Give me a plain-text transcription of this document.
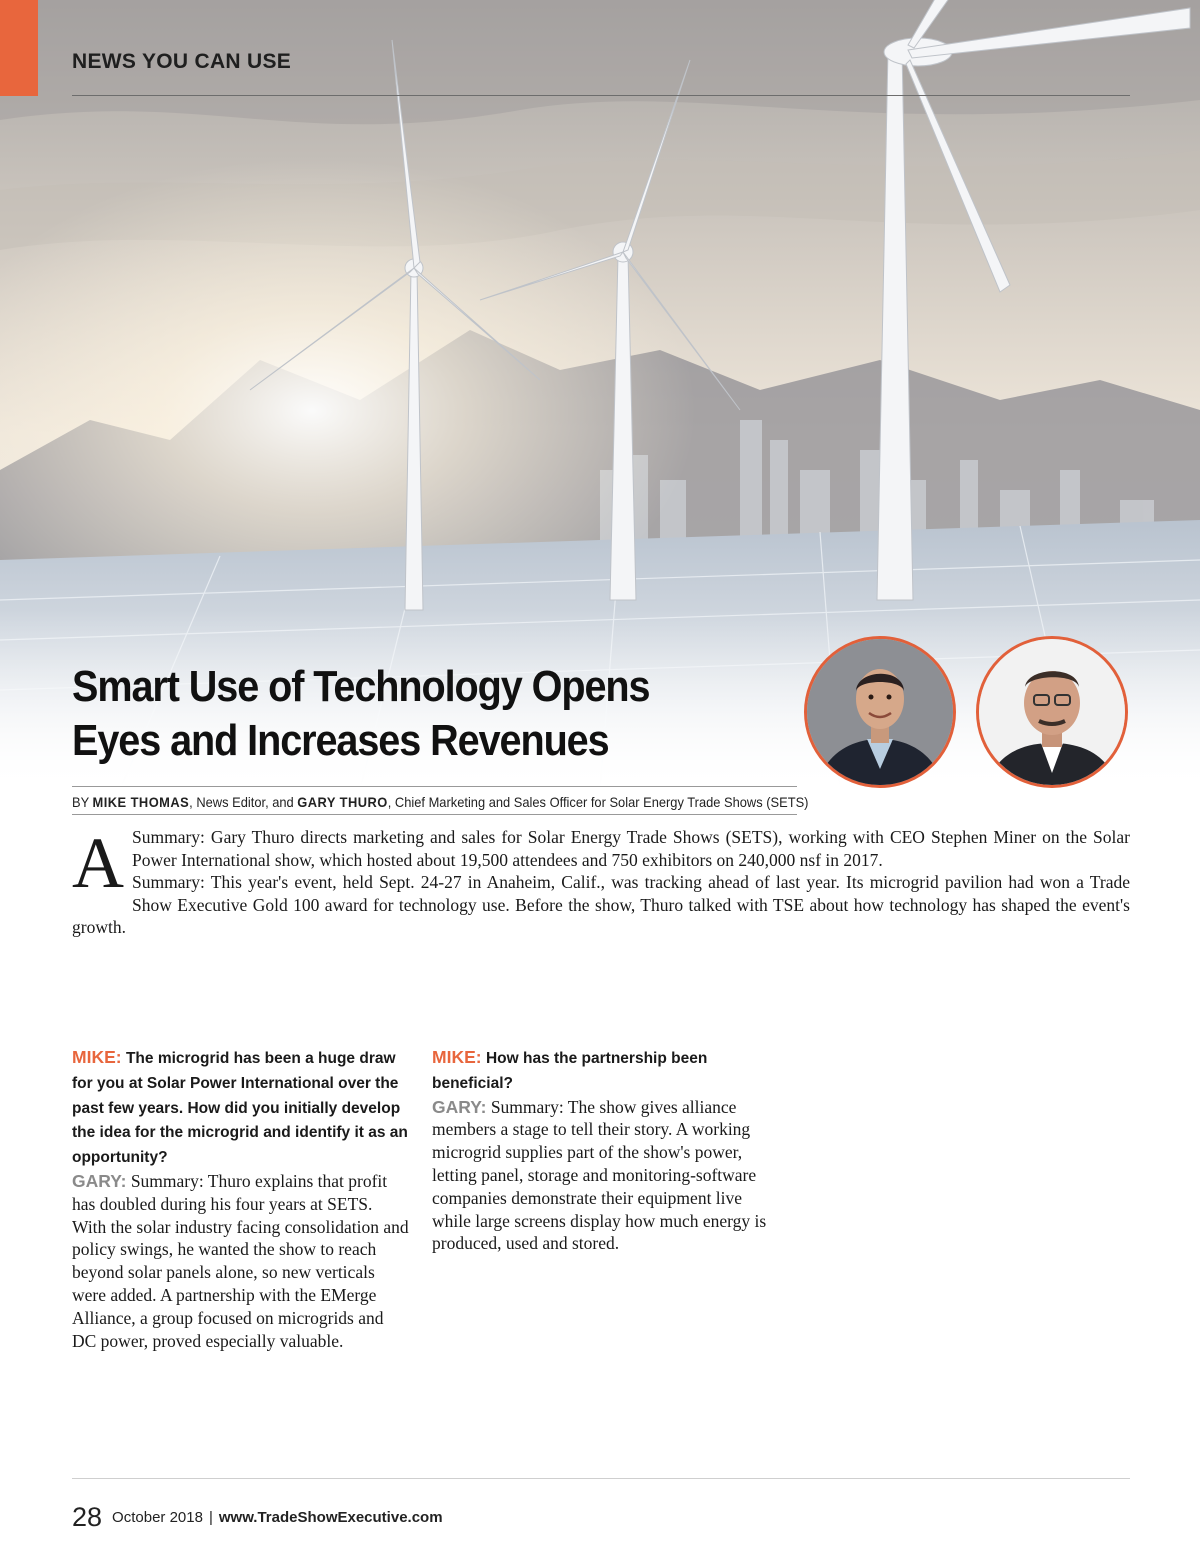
NEWS YOU CAN USE
Smart Use of Technology Opens Eyes and Increases Revenues
BY MIKE THOMAS, News Editor, and GARY THURO, Chief Marketing and Sales Officer for Solar Energy Trade Shows (SETS)

A Summary: Gary Thuro directs marketing and sales for Solar Energy Trade Shows (SETS), working with CEO Stephen Miner on the Solar Power International show, which hosted about 19,500 attendees and 750 exhibitors on 240,000 nsf in 2017.

Summary: This year's event, held Sept. 24-27 in Anaheim, Calif., was tracking ahead of last year. Its microgrid pavilion had won a Trade Show Executive Gold 100 award for technology use. Before the show, Thuro talked with TSE about how technology has shaped the event's growth.

MIKE: The microgrid has been a huge draw for you at Solar Power International over the past few years. How did you initially develop the idea for the microgrid and identify it as an opportunity?

GARY: Summary: Thuro explains that profit has doubled during his four years at SETS. With the solar industry facing consolidation and policy swings, he wanted the show to reach beyond solar panels alone, so new verticals were added. A partnership with the EMerge Alliance, a group focused on microgrids and DC power, proved especially valuable.

MIKE: How has the partnership been beneficial?

GARY: Summary: The show gives alliance members a stage to tell their story. A working microgrid supplies part of the show's power, letting panel, storage and monitoring-software companies demonstrate their equipment live while large screens display how much energy is produced, used and stored.

28 October 2018 | www.TradeShowExecutive.com
